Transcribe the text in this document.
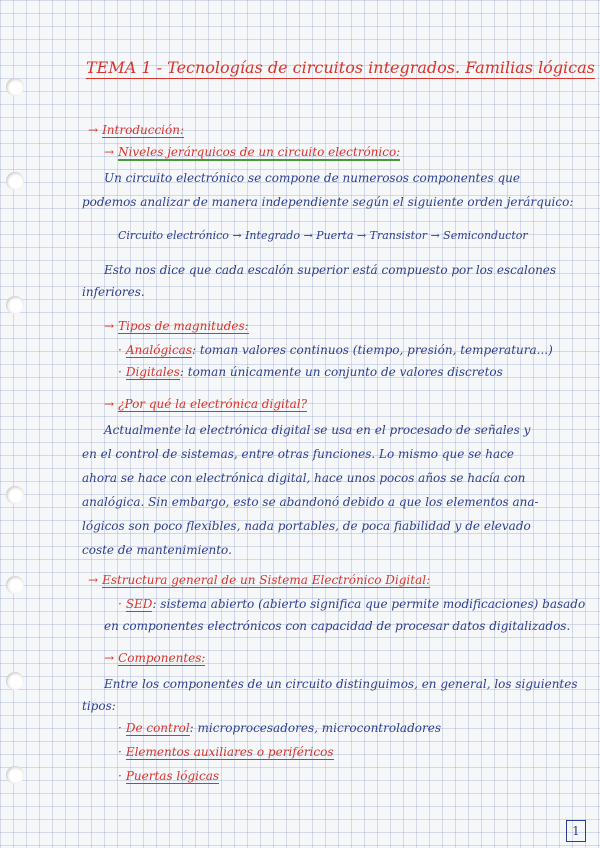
TEMA 1 - Tecnologías de circuitos integrados. Familias lógicas
→ Introducción:
→ Niveles jerárquicos de un circuito electrónico:
Un circuito electrónico se compone de numerosos componentes que
podemos analizar de manera independiente según el siguiente orden jerárquico:
Circuito electrónico → Integrado → Puerta → Transistor → Semiconductor
Esto nos dice que cada escalón superior está compuesto por los escalones
inferiores.
→ Tipos de magnitudes:
· Analógicas: toman valores continuos (tiempo, presión, temperatura...)
· Digitales: toman únicamente un conjunto de valores discretos
→ ¿Por qué la electrónica digital?
Actualmente la electrónica digital se usa en el procesado de señales y
en el control de sistemas, entre otras funciones. Lo mismo que se hace
ahora se hace con electrónica digital, hace unos pocos años se hacía con
analógica. Sin embargo, esto se abandonó debido a que los elementos ana-
lógicos son poco flexibles, nada portables, de poca fiabilidad y de elevado
coste de mantenimiento.
→ Estructura general de un Sistema Electrónico Digital:
· SED: sistema abierto (abierto significa que permite modificaciones) basado
en componentes electrónicos con capacidad de procesar datos digitalizados.
→ Componentes:
Entre los componentes de un circuito distinguimos, en general, los siguientes
tipos:
· De control: microprocesadores, microcontroladores
· Elementos auxiliares o periféricos
· Puertas lógicas
1
